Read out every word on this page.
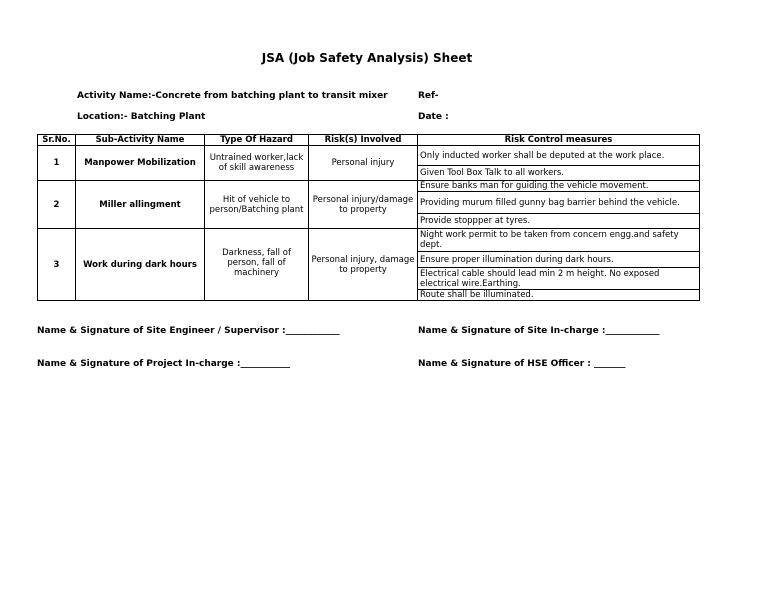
JSA (Job Safety Analysis) Sheet
Activity Name:-Concrete from batching plant to transit mixer	Ref-
Location:- Batching Plant	Date :
Sr.No.	Sub-Activity Name	Type Of Hazard	Risk(s) Involved	Risk Control measures
1	Manpower Mobilization	Untrained worker,lack of skill awareness	Personal injury	Only inducted worker shall be deputed at the work place.
				Given Tool Box Talk to all workers.
2	Miller allingment	Hit of vehicle to person/Batching plant	Personal injury/damage to property	Ensure banks man for guiding the vehicle movement.
				Providing murum filled gunny bag barrier behind the vehicle.
				Provide stoppper at tyres.
3	Work during dark hours	Darkness, fall of person, fall of machinery	Personal injury, damage to property	Night work permit to be taken from concern engg.and safety dept.
				Ensure proper illumination during dark hours.
				Electrical cable should lead min 2 m height. No exposed electrical wire.Earthing.
				Route shall be illuminated.
Name & Signature of Site Engineer / Supervisor :____________	Name & Signature of Site In-charge :____________
Name & Signature of Project In-charge :___________	Name & Signature of HSE Officer : _______
